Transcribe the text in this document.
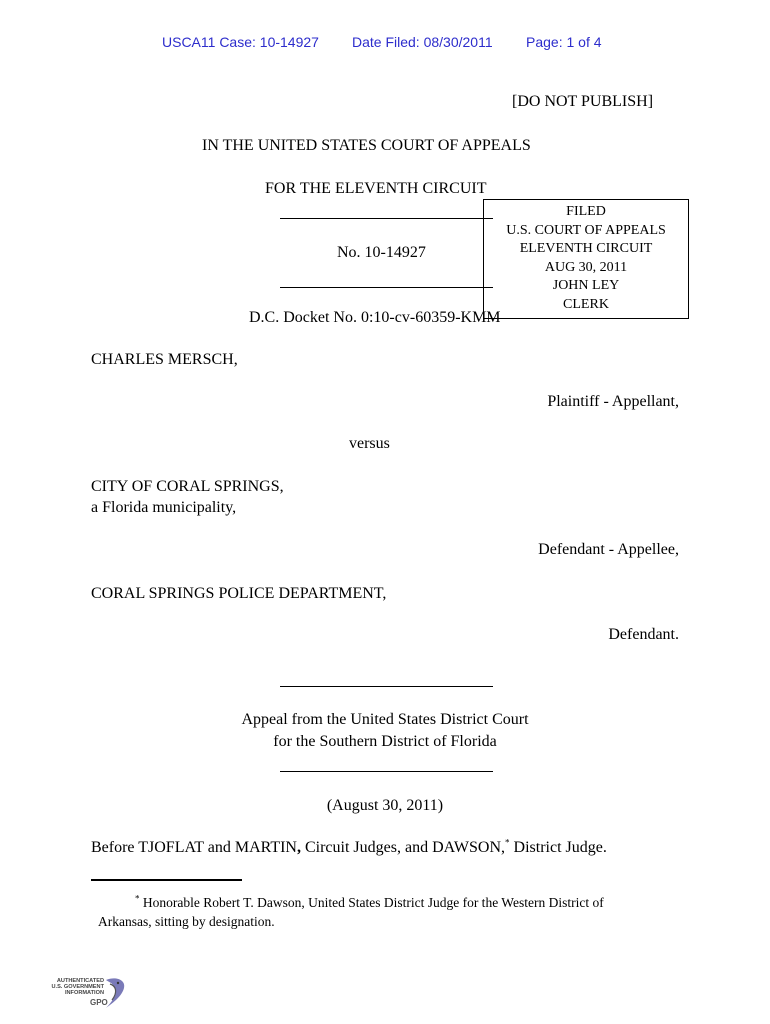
USCA11 Case: 10-14927 Date Filed: 08/30/2011 Page: 1 of 4
[DO NOT PUBLISH]
IN THE UNITED STATES COURT OF APPEALS
FOR THE ELEVENTH CIRCUIT
No. 10-14927
FILED
U.S. COURT OF APPEALS
ELEVENTH CIRCUIT
AUG 30, 2011
JOHN LEY
CLERK
D.C. Docket No. 0:10-cv-60359-KMM
CHARLES MERSCH,
Plaintiff - Appellant,
versus
CITY OF CORAL SPRINGS,
a Florida municipality,
Defendant - Appellee,
CORAL SPRINGS POLICE DEPARTMENT,
Defendant.
Appeal from the United States District Court
for the Southern District of Florida
(August 30, 2011)
Before TJOFLAT and MARTIN, Circuit Judges, and DAWSON,* District Judge.
* Honorable Robert T. Dawson, United States District Judge for the Western District of
Arkansas, sitting by designation.
AUTHENTICATED
U.S. GOVERNMENT
INFORMATION
GPO
